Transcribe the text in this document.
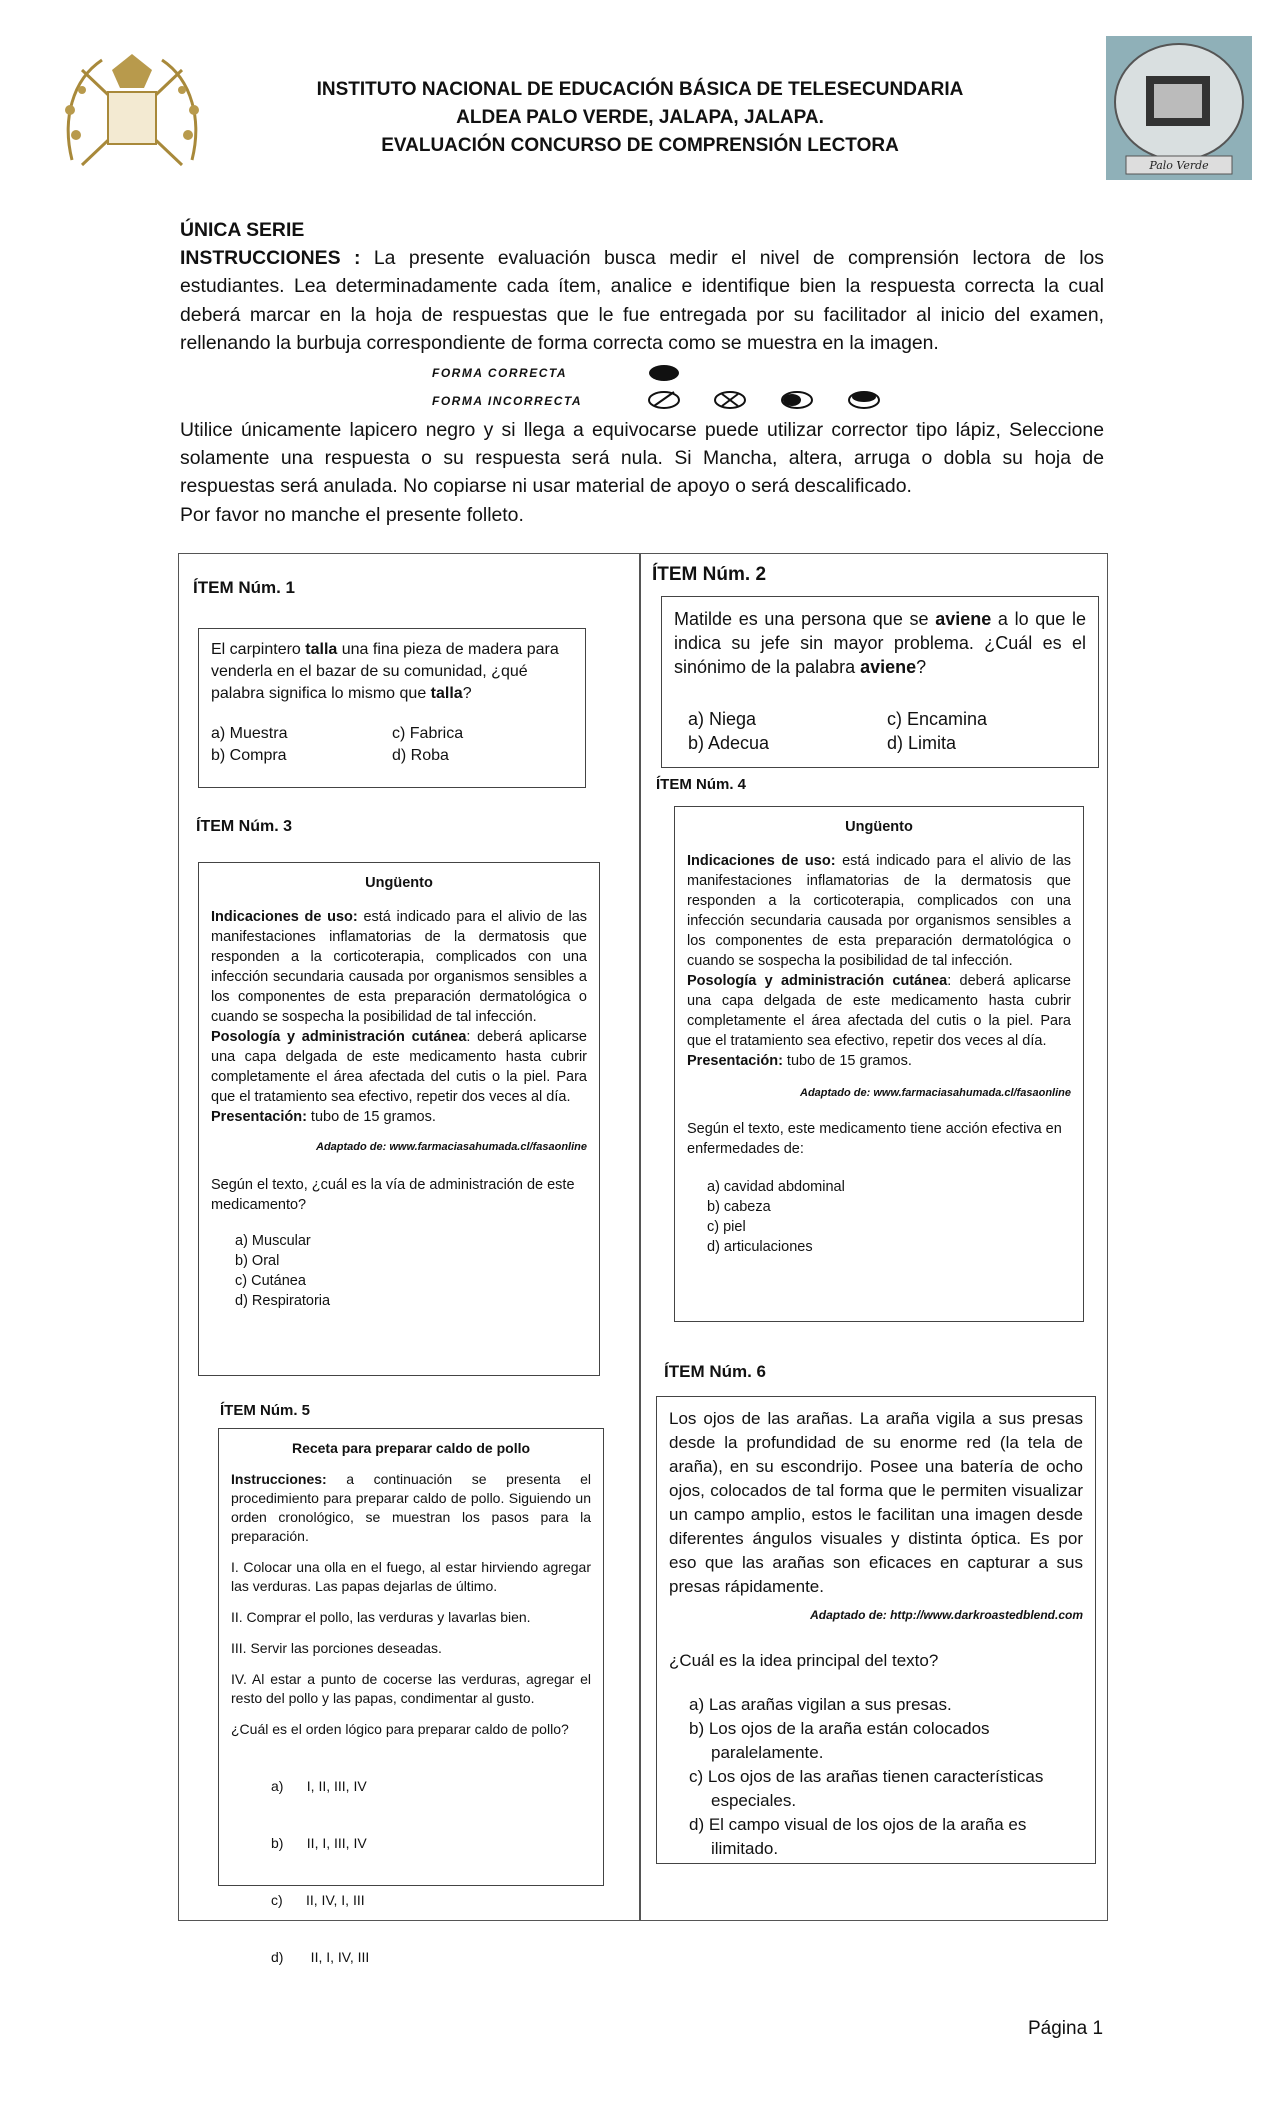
INSTITUTO NACIONAL DE EDUCACIÓN BÁSICA DE TELESECUNDARIA
ALDEA PALO VERDE, JALAPA, JALAPA.
EVALUACIÓN CONCURSO DE COMPRENSIÓN LECTORA
Palo Verde

ÚNICA SERIE

INSTRUCCIONES : La presente evaluación busca medir el nivel de comprensión lectora de los estudiantes. Lea determinadamente cada ítem, analice e identifique bien la respuesta correcta la cual deberá marcar en la hoja de respuestas que le fue entregada por su facilitador al inicio del examen, rellenando la burbuja correspondiente de forma correcta como se muestra en la imagen.

FORMA CORRECTA
FORMA INCORRECTA

Utilice únicamente lapicero negro y si llega a equivocarse puede utilizar corrector tipo lápiz, Seleccione solamente una respuesta o su respuesta será nula. Si Mancha, altera, arruga o dobla su hoja de respuestas será anulada. No copiarse ni usar material de apoyo o será descalificado.

Por favor no manche el presente folleto.

ÍTEM Núm. 1

El carpintero talla una fina pieza de madera para venderla en el bazar de su comunidad, ¿qué palabra significa lo mismo que talla?

a) Muestra	c) Fabrica
b) Compra	d) Roba
ÍTEM Núm. 2

Matilde es una persona que se aviene a lo que le indica su jefe sin mayor problema. ¿Cuál es el sinónimo de la palabra aviene?

a) Niega	c) Encamina
b) Adecua	d) Limita
ÍTEM Núm. 3

Ungüento

Indicaciones de uso: está indicado para el alivio de las manifestaciones inflamatorias de la dermatosis que responden a la corticoterapia, complicados con una infección secundaria causada por organismos sensibles a los componentes de esta preparación dermatológica o cuando se sospecha la posibilidad de tal infección.

Posología y administración cutánea: deberá aplicarse una capa delgada de este medicamento hasta cubrir completamente el área afectada del cutis o la piel. Para que el tratamiento sea efectivo, repetir dos veces al día.

Presentación: tubo de 15 gramos.

Adaptado de: www.farmaciasahumada.cl/fasaonline

Según el texto, ¿cuál es la vía de administración de este medicamento?

a) Muscular
b) Oral
c) Cutánea
d) Respiratoria
ÍTEM Núm. 4

Ungüento

Indicaciones de uso: está indicado para el alivio de las manifestaciones inflamatorias de la dermatosis que responden a la corticoterapia, complicados con una infección secundaria causada por organismos sensibles a los componentes de esta preparación dermatológica o cuando se sospecha la posibilidad de tal infección.

Posología y administración cutánea: deberá aplicarse una capa delgada de este medicamento hasta cubrir completamente el área afectada del cutis o la piel. Para que el tratamiento sea efectivo, repetir dos veces al día.

Presentación: tubo de 15 gramos.

Adaptado de: www.farmaciasahumada.cl/fasaonline

Según el texto, este medicamento tiene acción efectiva en enfermedades de:

a) cavidad abdominal
b) cabeza
c) piel
d) articulaciones
ÍTEM Núm. 5

Receta para preparar caldo de pollo

Instrucciones: a continuación se presenta el procedimiento para preparar caldo de pollo. Siguiendo un orden cronológico, se muestran los pasos para la preparación.

I. Colocar una olla en el fuego, al estar hirviendo agregar las verduras. Las papas dejarlas de último.

II. Comprar el pollo, las verduras y lavarlas bien.

III. Servir las porciones deseadas.

IV. Al estar a punto de cocerse las verduras, agregar el resto del pollo y las papas, condimentar al gusto.

¿Cuál es el orden lógico para preparar caldo de pollo?

a)      I, II, III, IV

b)      II, I, III, IV

c)      II, IV, I, III

d)       II, I, IV, III

ÍTEM Núm. 6

Los ojos de las arañas. La araña vigila a sus presas desde la profundidad de su enorme red (la tela de araña), en su escondrijo. Posee una batería de ocho ojos, colocados de tal forma que le permiten visualizar un campo amplio, estos le facilitan una imagen desde diferentes ángulos visuales y distinta óptica. Es por eso que las arañas son eficaces en capturar a sus presas rápidamente.

Adaptado de: http://www.darkroastedblend.com

¿Cuál es la idea principal del texto?

a) Las arañas vigilan a sus presas.
b) Los ojos de la araña están colocados paralelamente.
c) Los ojos de las arañas tienen características especiales.
d) El campo visual de los ojos de la araña es ilimitado.
Página 1
